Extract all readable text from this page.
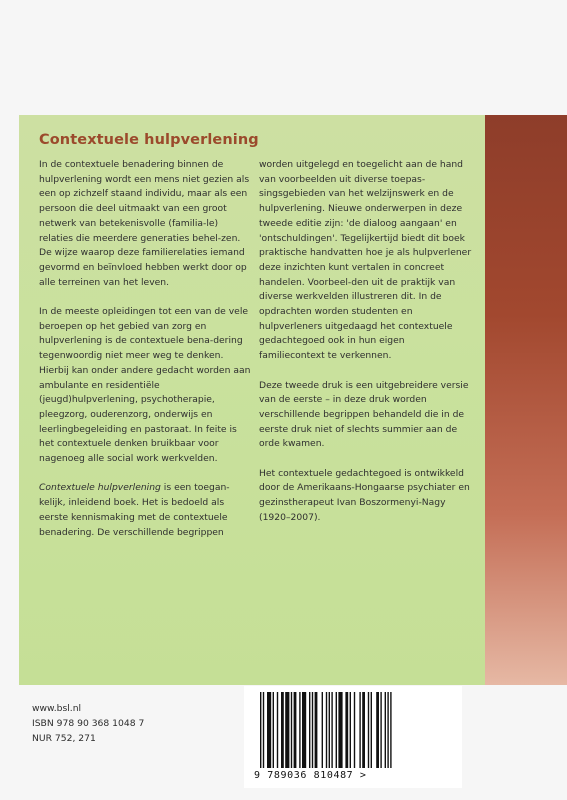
Contextuele hulpverlening

In de contextuele benadering binnen de hulpverlening wordt een mens niet gezien als een op zichzelf staand individu, maar als een persoon die deel uitmaakt van een groot netwerk van betekenisvolle (familia-le) relaties die meerdere generaties behel-zen. De wijze waarop deze familierelaties iemand gevormd en beïnvloed hebben werkt door op alle terreinen van het leven.

In de meeste opleidingen tot een van de vele beroepen op het gebied van zorg en hulpverlening is de contextuele bena-dering tegenwoordig niet meer weg te denken. Hierbij kan onder andere gedacht worden aan ambulante en residentiële (jeugd)hulpverlening, psychotherapie, pleegzorg, ouderenzorg, onderwijs en leerlingbegeleiding en pastoraat. In feite is het contextuele denken bruikbaar voor nagenoeg alle social work werkvelden.

Contextuele hulpverlening is een toegan-kelijk, inleidend boek. Het is bedoeld als eerste kennismaking met de contextuele benadering. De verschillende begrippen

worden uitgelegd en toegelicht aan de hand van voorbeelden uit diverse toepas-singsgebieden van het welzijnswerk en de hulpverlening. Nieuwe onderwerpen in deze tweede editie zijn: 'de dialoog aangaan' en 'ontschuldingen'. Tegelijkertijd biedt dit boek praktische handvatten hoe je als hulpverlener deze inzichten kunt vertalen in concreet handelen. Voorbeel-den uit de praktijk van diverse werkvelden illustreren dit. In de opdrachten worden studenten en hulpverleners uitgedaagd het contextuele gedachtegoed ook in hun eigen familiecontext te verkennen.

Deze tweede druk is een uitgebreidere versie van de eerste – in deze druk worden verschillende begrippen behandeld die in de eerste druk niet of slechts summier aan de orde kwamen.

Het contextuele gedachtegoed is ontwikkeld door de Amerikaans-Hongaarse psychiater en gezinstherapeut Ivan Boszormenyi-Nagy (1920–2007).

www.bsl.nl
ISBN 978 90 368 1048 7
NUR 752, 271
9 789036 810487 >
